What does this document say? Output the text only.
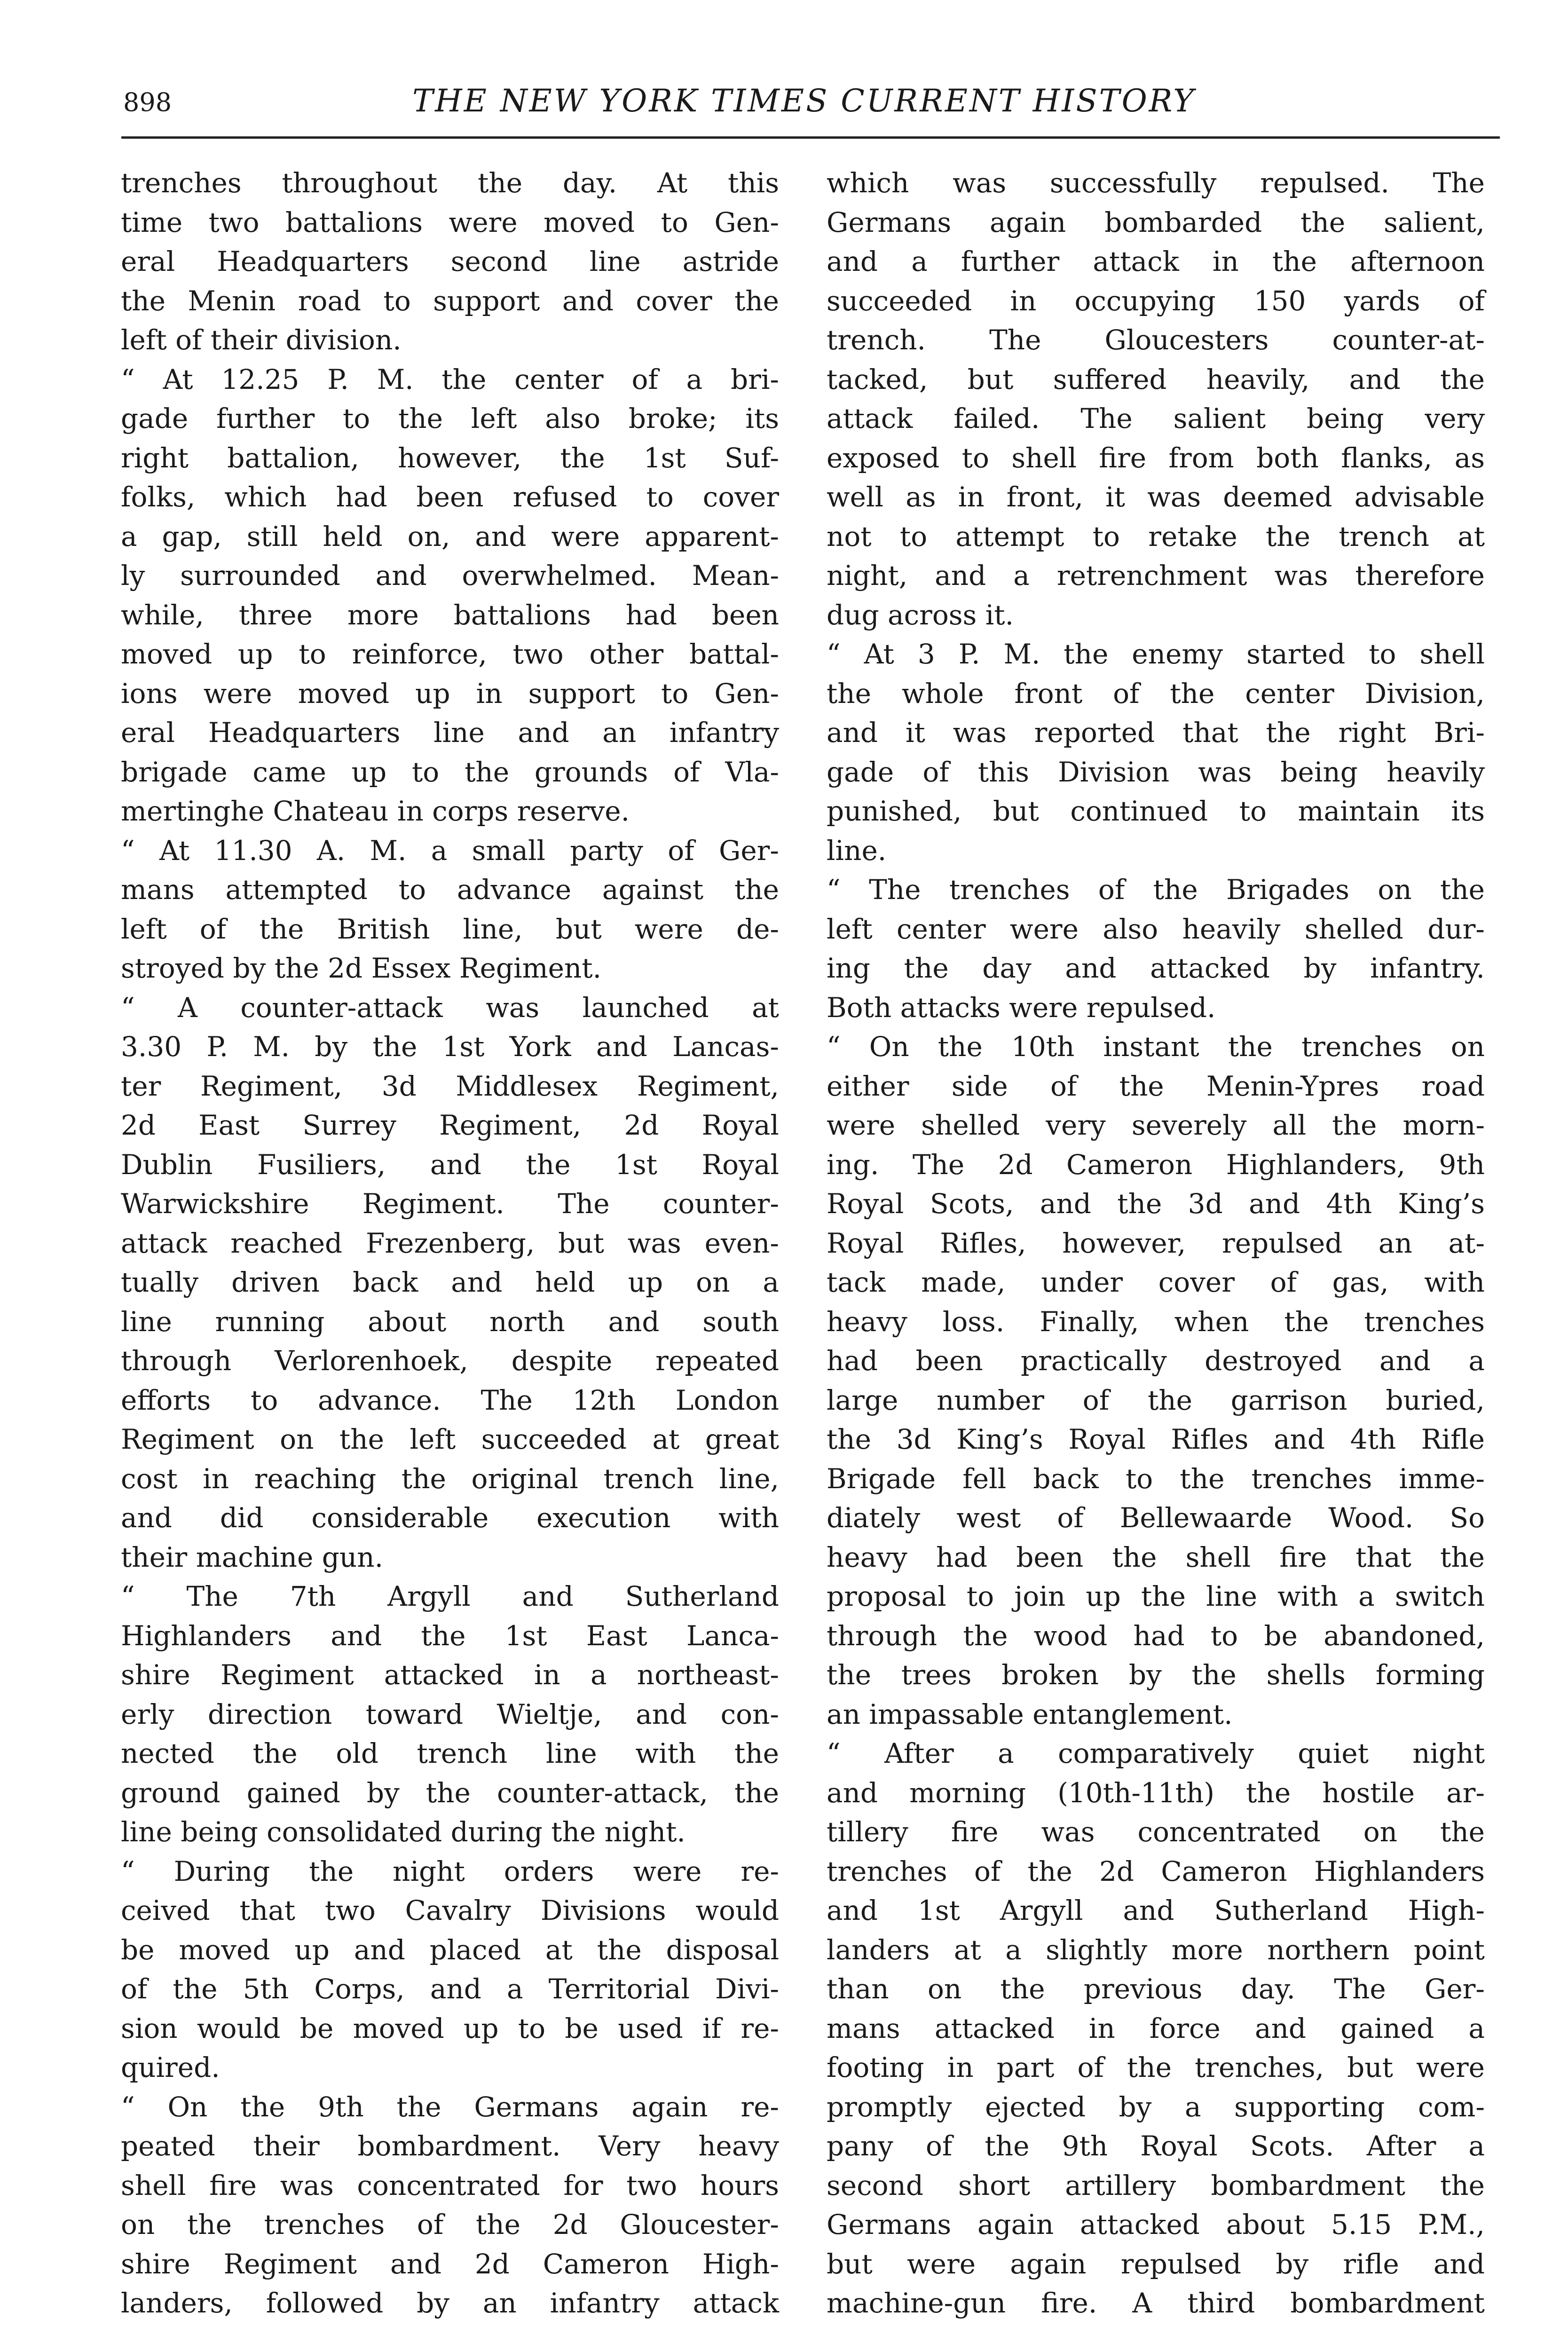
898	THE NEW YORK TIMES CURRENT HISTORY
trenches throughout the day. At this
time two battalions were moved to Gen-
eral Headquarters second line astride
the Menin road to support and cover the
left of their division.
“ At 12.25 P. M. the center of a bri-
gade further to the left also broke; its
right battalion, however, the 1st Suf-
folks, which had been refused to cover
a gap, still held on, and were apparent-
ly surrounded and overwhelmed. Mean-
while, three more battalions had been
moved up to reinforce, two other battal-
ions were moved up in support to Gen-
eral Headquarters line and an infantry
brigade came up to the grounds of Vla-
mertinghe Chateau in corps reserve.
“ At 11.30 A. M. a small party of Ger-
mans attempted to advance against the
left of the British line, but were de-
stroyed by the 2d Essex Regiment.
“ A counter-attack was launched at
3.30 P. M. by the 1st York and Lancas-
ter Regiment, 3d Middlesex Regiment,
2d East Surrey Regiment, 2d Royal
Dublin Fusiliers, and the 1st Royal
Warwickshire Regiment. The counter-
attack reached Frezenberg, but was even-
tually driven back and held up on a
line running about north and south
through Verlorenhoek, despite repeated
efforts to advance. The 12th London
Regiment on the left succeeded at great
cost in reaching the original trench line,
and did considerable execution with
their machine gun.
“ The 7th Argyll and Sutherland
Highlanders and the 1st East Lanca-
shire Regiment attacked in a northeast-
erly direction toward Wieltje, and con-
nected the old trench line with the
ground gained by the counter-attack, the
line being consolidated during the night.
“ During the night orders were re-
ceived that two Cavalry Divisions would
be moved up and placed at the disposal
of the 5th Corps, and a Territorial Divi-
sion would be moved up to be used if re-
quired.
“ On the 9th the Germans again re-
peated their bombardment. Very heavy
shell fire was concentrated for two hours
on the trenches of the 2d Gloucester-
shire Regiment and 2d Cameron High-
landers, followed by an infantry attack
which was successfully repulsed. The
Germans again bombarded the salient,
and a further attack in the afternoon
succeeded in occupying 150 yards of
trench. The Gloucesters counter-at-
tacked, but suffered heavily, and the
attack failed. The salient being very
exposed to shell fire from both flanks, as
well as in front, it was deemed advisable
not to attempt to retake the trench at
night, and a retrenchment was therefore
dug across it.
“ At 3 P. M. the enemy started to shell
the whole front of the center Division,
and it was reported that the right Bri-
gade of this Division was being heavily
punished, but continued to maintain its
line.
“ The trenches of the Brigades on the
left center were also heavily shelled dur-
ing the day and attacked by infantry.
Both attacks were repulsed.
“ On the 10th instant the trenches on
either side of the Menin-Ypres road
were shelled very severely all the morn-
ing. The 2d Cameron Highlanders, 9th
Royal Scots, and the 3d and 4th King’s
Royal Rifles, however, repulsed an at-
tack made, under cover of gas, with
heavy loss. Finally, when the trenches
had been practically destroyed and a
large number of the garrison buried,
the 3d King’s Royal Rifles and 4th Rifle
Brigade fell back to the trenches imme-
diately west of Bellewaarde Wood. So
heavy had been the shell fire that the
proposal to join up the line with a switch
through the wood had to be abandoned,
the trees broken by the shells forming
an impassable entanglement.
“ After a comparatively quiet night
and morning (10th-11th) the hostile ar-
tillery fire was concentrated on the
trenches of the 2d Cameron Highlanders
and 1st Argyll and Sutherland High-
landers at a slightly more northern point
than on the previous day. The Ger-
mans attacked in force and gained a
footing in part of the trenches, but were
promptly ejected by a supporting com-
pany of the 9th Royal Scots. After a
second short artillery bombardment the
Germans again attacked about 5.15 P.M.,
but were again repulsed by rifle and
machine-gun fire. A third bombardment
